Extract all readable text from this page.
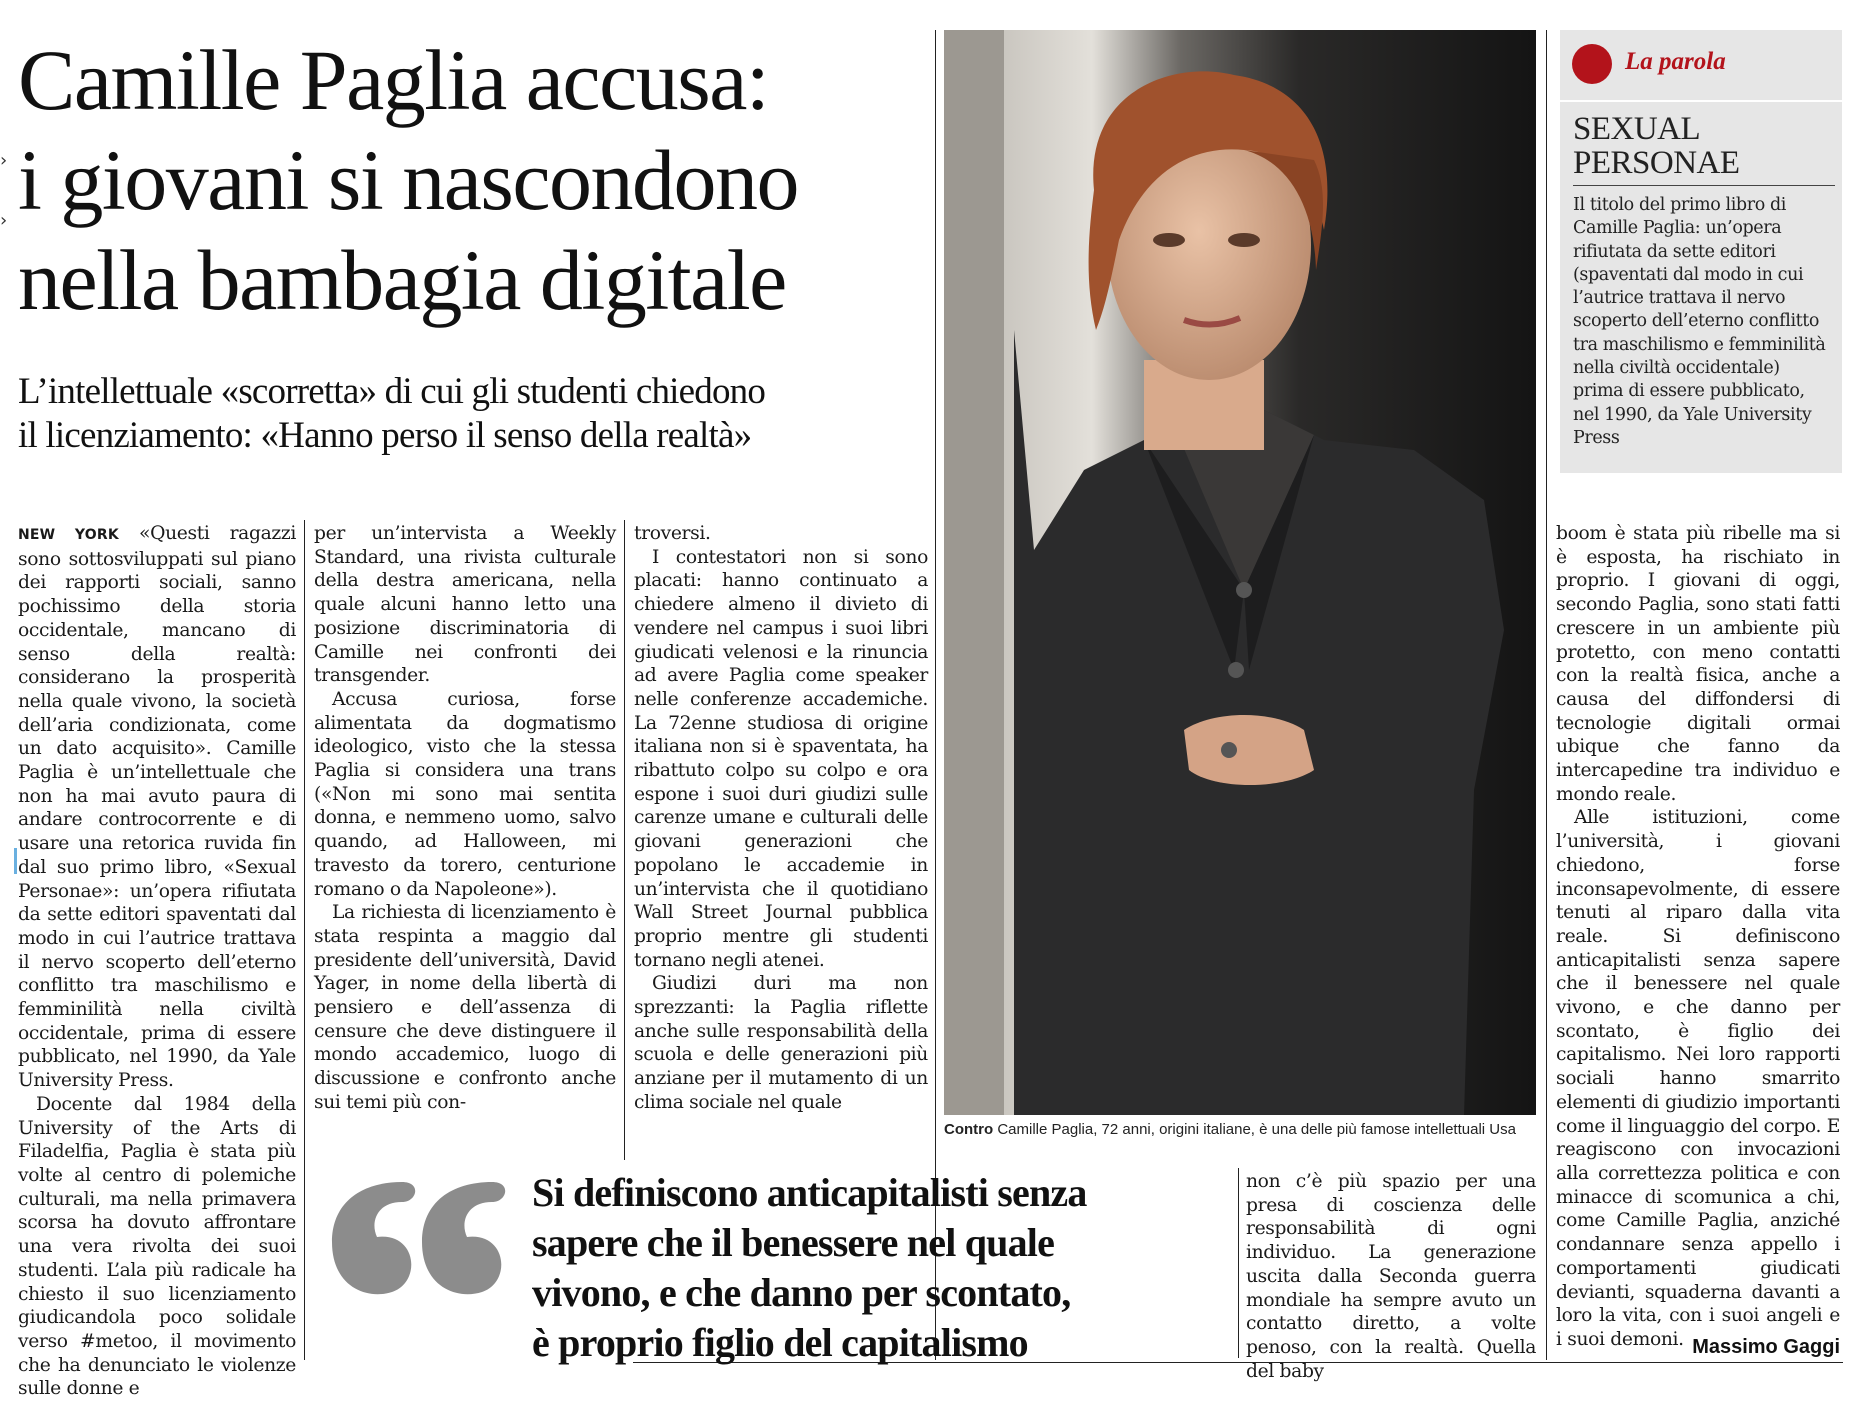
›
›
Camille Paglia accusa:
i giovani si nascondono
nella bambagia digitale
L’intellettuale «scorretta» di cui gli studenti chiedono
il licenziamento: «Hanno perso il senso della realtà»

NEW YORK «Questi ragazzi sono sottosviluppati sul piano dei rapporti sociali, sanno pochissimo della storia occidentale, mancano di senso della realtà: considerano la prosperità nella quale vivono, la società dell’aria condizionata, come un dato acquisito». Camille Paglia è un’intellettuale che non ha mai avuto paura di andare controcorrente e di usare una retorica ruvida fin dal suo primo libro, «Sexual Personae»: un’opera rifiutata da sette editori spaventati dal modo in cui l’autrice trattava il nervo scoperto dell’eterno conflitto tra maschilismo e femminilità nella civiltà occidentale, prima di essere pubblicato, nel 1990, da Yale University Press.

Docente dal 1984 della University of the Arts di Filadelfia, Paglia è stata più volte al centro di polemiche culturali, ma nella primavera scorsa ha dovuto affrontare una vera rivolta dei suoi studenti. L’ala più radicale ha chiesto il suo licenziamento giudicandola poco solidale verso #metoo, il movimento che ha denunciato le violenze sulle donne e

per un’intervista a Weekly Standard, una rivista culturale della destra americana, nella quale alcuni hanno letto una posizione discriminatoria di Camille nei confronti dei transgender.

Accusa curiosa, forse alimentata da dogmatismo ideologico, visto che la stessa Paglia si considera una trans («Non mi sono mai sentita donna, e nemmeno uomo, salvo quando, ad Halloween, mi travesto da torero, centurione romano o da Napoleone»).

La richiesta di licenziamento è stata respinta a maggio dal presidente dell’università, David Yager, in nome della libertà di pensiero e dell’assenza di censure che deve distinguere il mondo accademico, luogo di discussione e confronto anche sui temi più con-

troversi.

I contestatori non si sono placati: hanno continuato a chiedere almeno il divieto di vendere nel campus i suoi libri giudicati velenosi e la rinuncia ad avere Paglia come speaker nelle conferenze accademiche. La 72enne studiosa di origine italiana non si è spaventata, ha ribattuto colpo su colpo e ora espone i suoi duri giudizi sulle carenze umane e culturali delle giovani generazioni che popolano le accademie in un’intervista che il quotidiano Wall Street Journal pubblica proprio mentre gli studenti tornano negli atenei.

Giudizi duri ma non sprezzanti: la Paglia riflette anche sulle responsabilità della scuola e delle generazioni più anziane per il mutamento di un clima sociale nel quale

Contro Camille Paglia, 72 anni, origini italiane, è una delle più famose intellettuali Usa
La parola
SEXUAL
PERSONAE
Il titolo del primo libro di Camille Paglia: un’opera rifiutata da sette editori (spaventati dal modo in cui l’autrice trattava il nervo scoperto dell’eterno conflitto tra maschilismo e femminilità nella civiltà occidentale) prima di essere pubblicato, nel 1990, da Yale University Press

boom è stata più ribelle ma si è esposta, ha rischiato in proprio. I giovani di oggi, secondo Paglia, sono stati fatti crescere in un ambiente più protetto, con meno contatti con la realtà fisica, anche a causa del diffondersi di tecnologie digitali ormai ubique che fanno da intercapedine tra individuo e mondo reale.

Alle istituzioni, come l’università, i giovani chiedono, forse inconsapevolmente, di essere tenuti al riparo dalla vita reale. Si definiscono anticapitalisti senza sapere che il benessere nel quale vivono, e che danno per scontato, è figlio dei capitalismo. Nei loro rapporti sociali hanno smarrito elementi di giudizio importanti come il linguaggio del corpo. E reagiscono con invocazioni alla correttezza politica e con minacce di scomunica a chi, come Camille Paglia, anziché condannare senza appello i comportamenti giudicati devianti, squaderna davanti a loro la vita, con i suoi angeli e i suoi demoni. Massimo Gaggi
Si definiscono anticapitalisti senza
sapere che il benessere nel quale
vivono, e che danno per scontato,
è proprio figlio del capitalismo

non c’è più spazio per una presa di coscienza delle responsabilità di ogni individuo. La generazione uscita dalla Seconda guerra mondiale ha sempre avuto un contatto diretto, a volte penoso, con la realtà. Quella del baby
